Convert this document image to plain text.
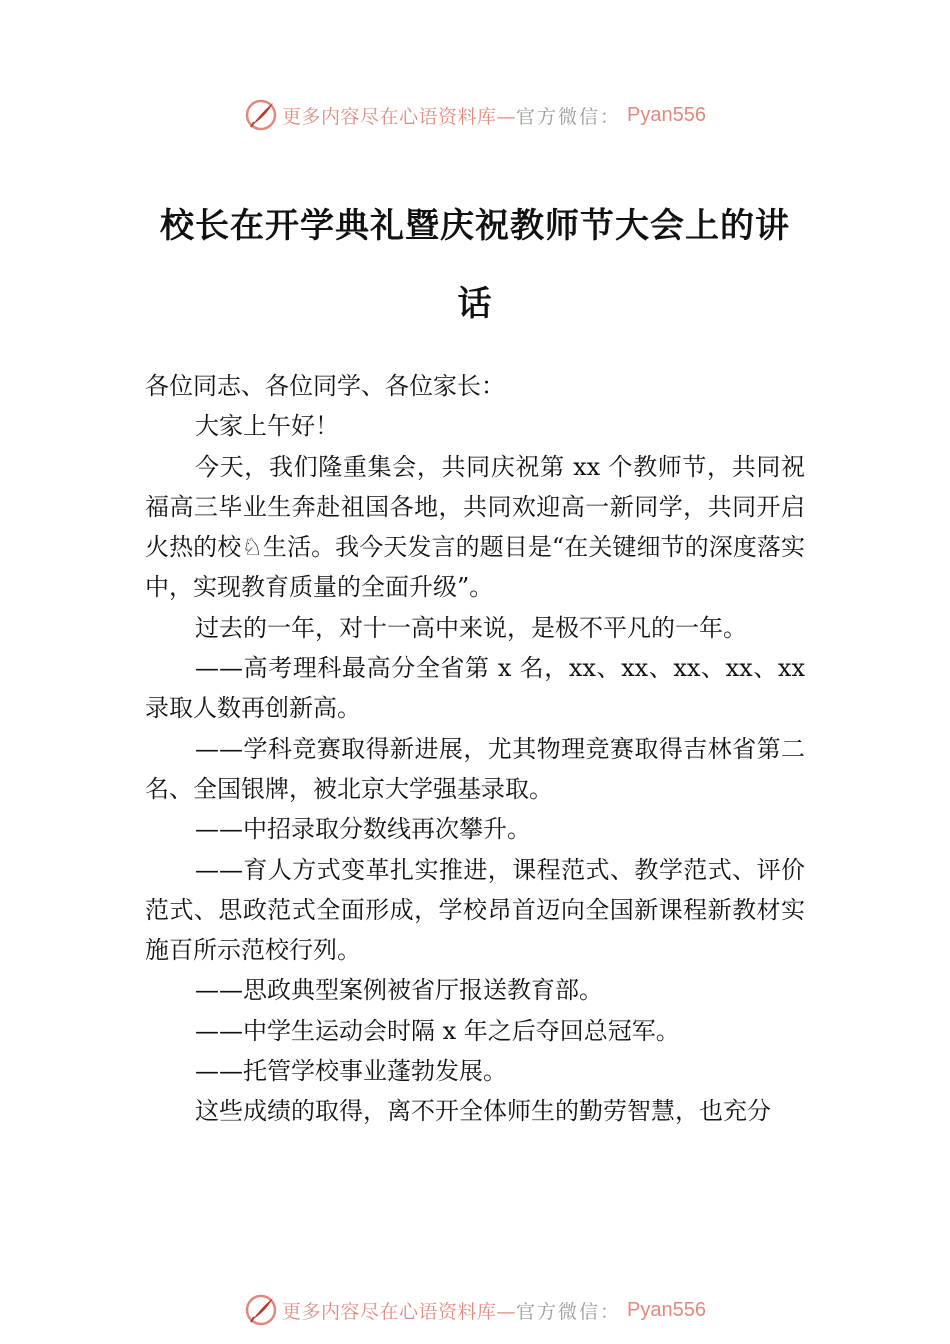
更多内容尽在心语资料库— 官方微信： Pyan556
校长在开学典礼暨庆祝教师节大会上的讲话

各位同志、各位同学、各位家长：

大家上午好！

今天，我们隆重集会，共同庆祝第 xx 个教师节，共同祝福高三毕业生奔赴祖国各地，共同欢迎高一新同学，共同开启火热的校♘生活。我今天发言的题目是“在关键细节的深度落实中，实现教育质量的全面升级”。

过去的一年，对十一高中来说，是极不平凡的一年。

——高考理科最高分全省第 x 名，xx、xx、xx、xx、xx 录取人数再创新高。

——学科竞赛取得新进展，尤其物理竞赛取得吉林省第二名、全国银牌，被北京大学强基录取。

——中招录取分数线再次攀升。

——育人方式变革扎实推进，课程范式、教学范式、评价范式、思政范式全面形成，学校昂首迈向全国新课程新教材实施百所示范校行列。

——思政典型案例被省厅报送教育部。

——中学生运动会时隔 x 年之后夺回总冠军。

——托管学校事业蓬勃发展。

这些成绩的取得，离不开全体师生的勤劳智慧，也充分

更多内容尽在心语资料库— 官方微信： Pyan556
